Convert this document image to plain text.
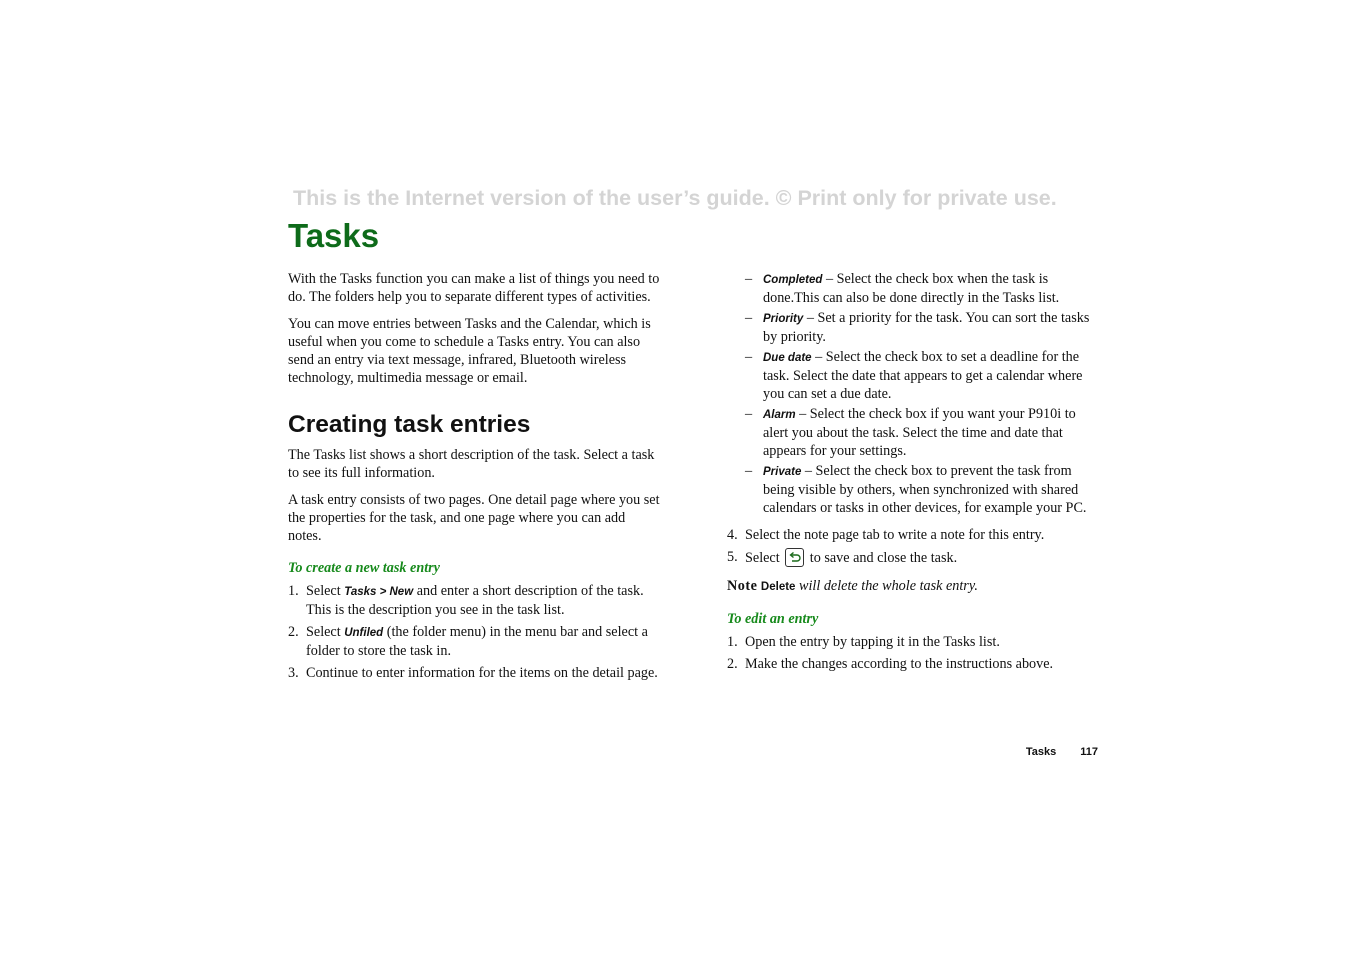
This is the Internet version of the user’s guide. © Print only for private use.
Tasks

With the Tasks function you can make a list of things you need to do. The folders help you to separate different types of activities.

You can move entries between Tasks and the Calendar, which is useful when you come to schedule a Tasks entry. You can also send an entry via text message, infrared, Bluetooth wireless technology, multimedia message or email.

Creating task entries

The Tasks list shows a short description of the task. Select a task to see its full information.

A task entry consists of two pages. One detail page where you set the properties for the task, and one page where you can add notes.

To create a new task entry
1. Select Tasks > New and enter a short description of the task. This is the description you see in the task list.
2. Select Unfiled (the folder menu) in the menu bar and select a folder to store the task in.
3. Continue to enter information for the items on the detail page.
– Completed – Select the check box when the task is done.This can also be done directly in the Tasks list.
– Priority – Set a priority for the task. You can sort the tasks by priority.
– Due date – Select the check box to set a deadline for the task. Select the date that appears to get a calendar where you can set a due date.
– Alarm – Select the check box if you want your P910i to alert you about the task. Select the time and date that appears for your settings.
– Private – Select the check box to prevent the task from being visible by others, when synchronized with shared calendars or tasks in other devices, for example your PC.
4. Select the note page tab to write a note for this entry.
5. Select to save and close the task.
Note Delete will delete the whole task entry.
To edit an entry
1. Open the entry by tapping it in the Tasks list.
2. Make the changes according to the instructions above.
Tasks 117
